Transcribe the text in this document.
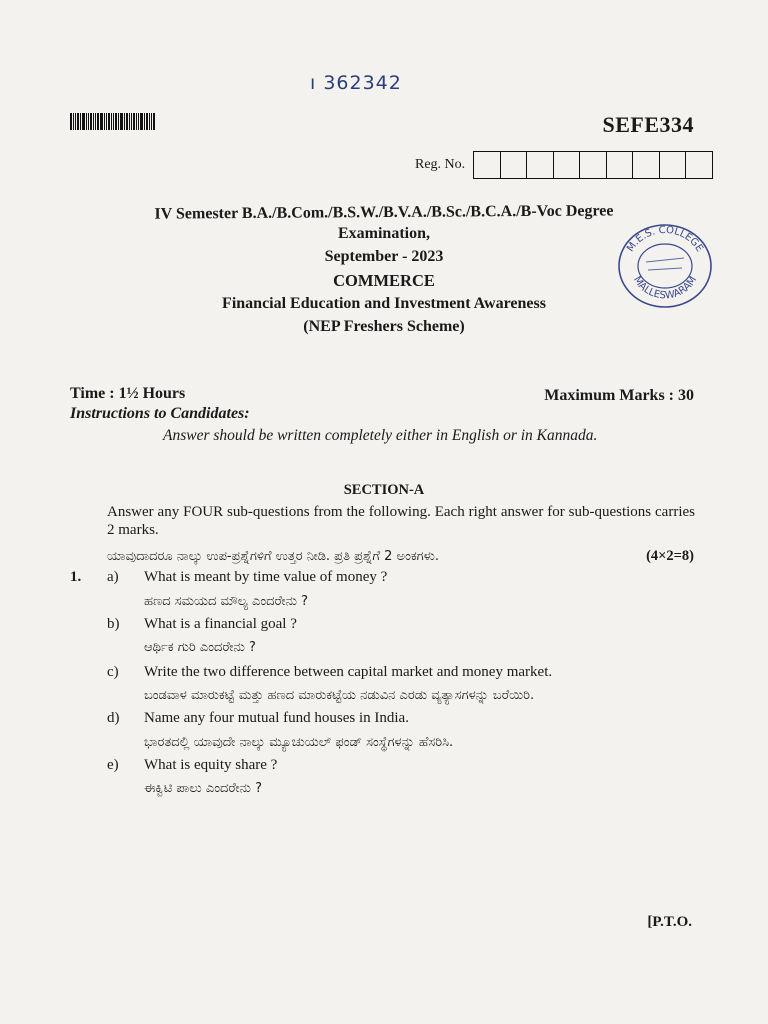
ı 362342
SEFE334
Reg. No.
IV Semester B.A./B.Com./B.S.W./B.V.A./B.Sc./B.C.A./B-Voc Degree
Examination,
September - 2023
COMMERCE
Financial Education and Investment Awareness
(NEP Freshers Scheme)
M.E.S. COLLEGE
MALLESWARAM
Time : 1½ Hours	Maximum Marks : 30
Instructions to Candidates:
Answer should be written completely either in English or in Kannada.
SECTION-A
Answer any FOUR sub-questions from the following. Each right answer for sub-questions carries 2 marks.
ಯಾವುದಾದರೂ ನಾಲ್ಕು ಉಪ-ಪ್ರಶ್ನೆಗಳಿಗೆ ಉತ್ತರ ನೀಡಿ. ಪ್ರತಿ ಪ್ರಶ್ನೆಗೆ 2 ಅಂಕಗಳು.	(4×2=8)
1. a) What is meant by time value of money ?
ಹಣದ ಸಮಯದ ಮೌಲ್ಯ ಎಂದರೇನು ?
b) What is a financial goal ?
ಆರ್ಥಿಕ ಗುರಿ ಎಂದರೇನು ?
c) Write the two difference between capital market and money market.
ಬಂಡವಾಳ ಮಾರುಕಟ್ಟೆ ಮತ್ತು ಹಣದ ಮಾರುಕಟ್ಟೆಯ ನಡುವಿನ ಎರಡು ವ್ಯತ್ಯಾಸಗಳನ್ನು ಬರೆಯಿರಿ.
d) Name any four mutual fund houses in India.
ಭಾರತದಲ್ಲಿ ಯಾವುದೇ ನಾಲ್ಕು ಮ್ಯೂಚುಯಲ್ ಫಂಡ್ ಸಂಸ್ಥೆಗಳನ್ನು ಹೆಸರಿಸಿ.
e) What is equity share ?
ಈಕ್ವಿಟಿ ಪಾಲು ಎಂದರೇನು ?
[P.T.O.
